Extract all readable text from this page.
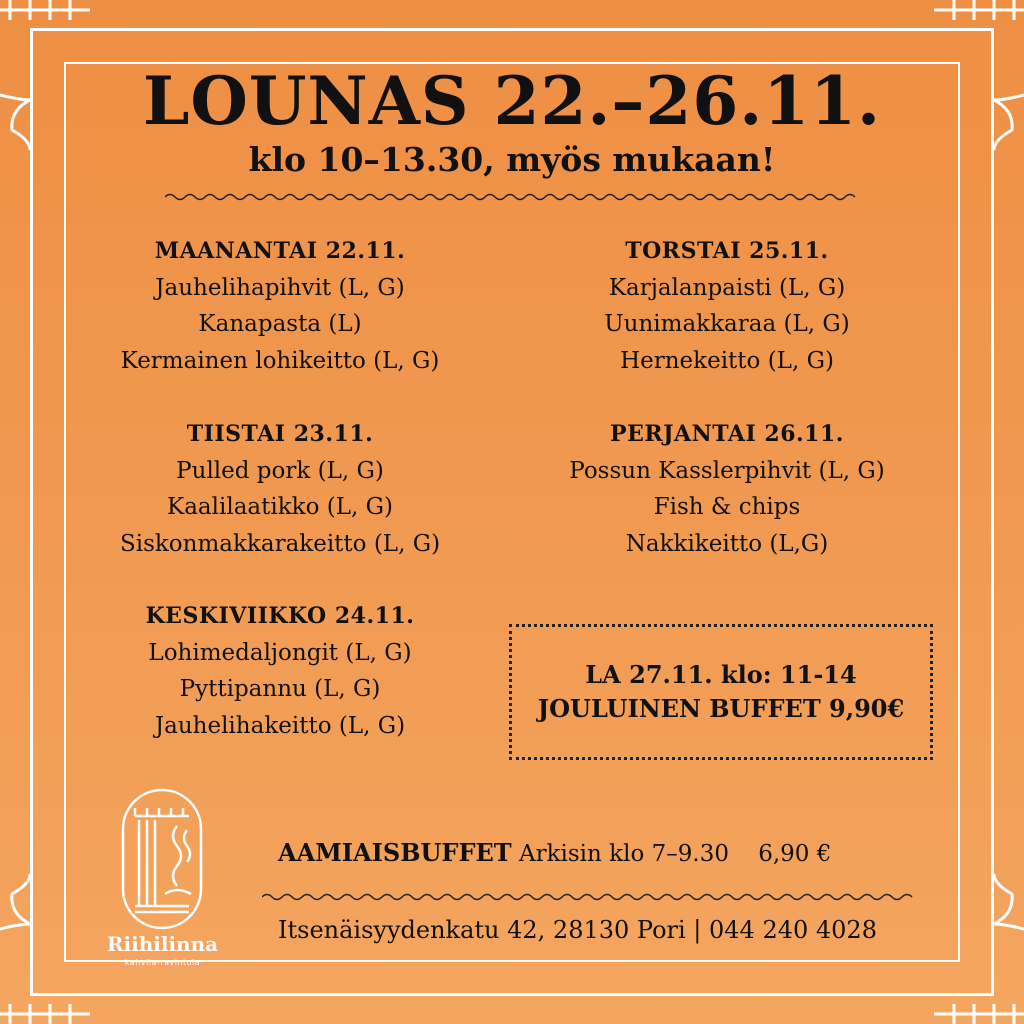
LOUNAS 22.–26.11.

klo 10–13.30, myös mukaan!

MAANANTAI 22.11.
Jauhelihapihvit (L, G)
Kanapasta (L)
Kermainen lohikeitto (L, G)
TIISTAI 23.11.
Pulled pork (L, G)
Kaalilaatikko (L, G)
Siskonmakkarakeitto (L, G)
KESKIVIIKKO 24.11.
Lohimedaljongit (L, G)
Pyttipannu (L, G)
Jauhelihakeitto (L, G)
TORSTAI 25.11.
Karjalanpaisti (L, G)
Uunimakkaraa (L, G)
Hernekeitto (L, G)
PERJANTAI 26.11.
Possun Kasslerpihvit (L, G)
Fish & chips
Nakkikeitto (L,G)
LA 27.11. klo: 11-14
JOULUINEN BUFFET 9,90€
Riihilinna
kahvila-ravintola
AAMIAISBUFFET Arkisin klo 7–9.30 6,90 €
Itsenäisyydenkatu 42, 28130 Pori | 044 240 4028
